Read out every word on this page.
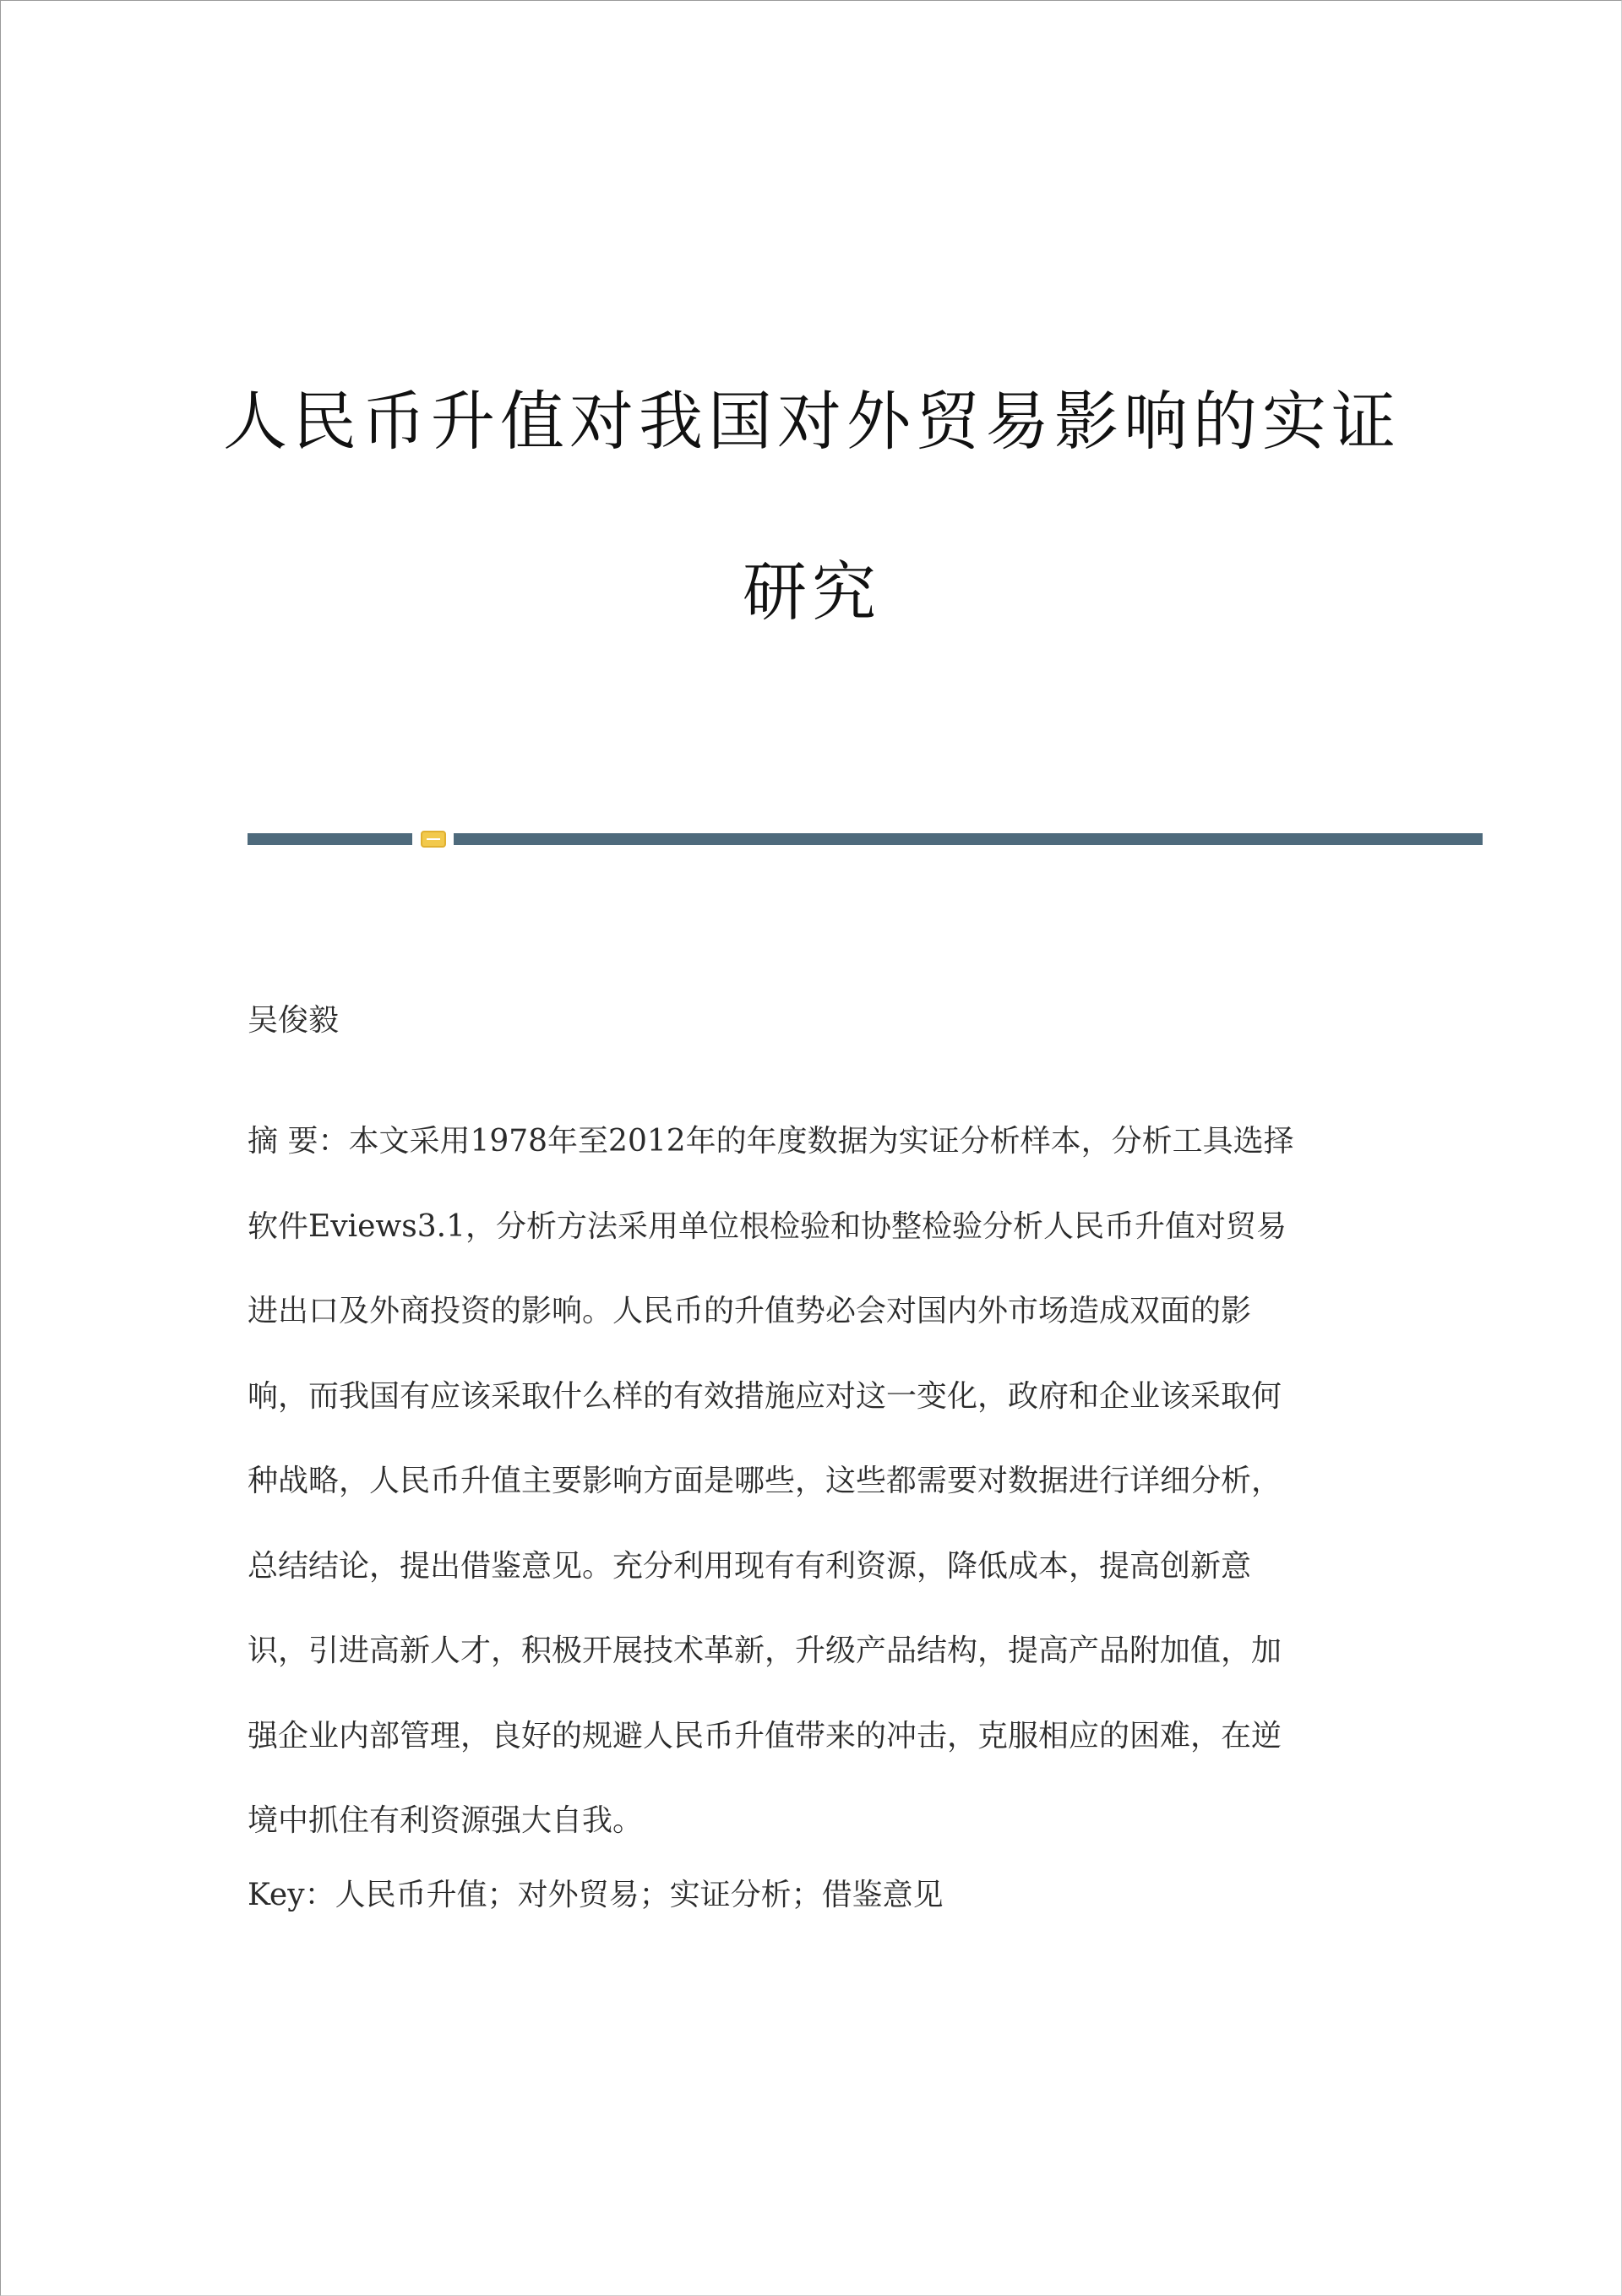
人民币升值对我国对外贸易影响的实证
研究
吴俊毅
摘 要：本文采用1978年至2012年的年度数据为实证分析样本，分析工具选择
软件Eviews3.1，分析方法采用单位根检验和协整检验分析人民币升值对贸易
进出口及外商投资的影响。人民币的升值势必会对国内外市场造成双面的影
响，而我国有应该采取什么样的有效措施应对这一变化，政府和企业该采取何
种战略，人民币升值主要影响方面是哪些，这些都需要对数据进行详细分析，
总结结论，提出借鉴意见。充分利用现有有利资源，降低成本，提高创新意
识，引进高新人才，积极开展技术革新，升级产品结构，提高产品附加值，加
强企业内部管理，良好的规避人民币升值带来的冲击，克服相应的困难，在逆
境中抓住有利资源强大自我。
Key：人民币升值；对外贸易；实证分析；借鉴意见
